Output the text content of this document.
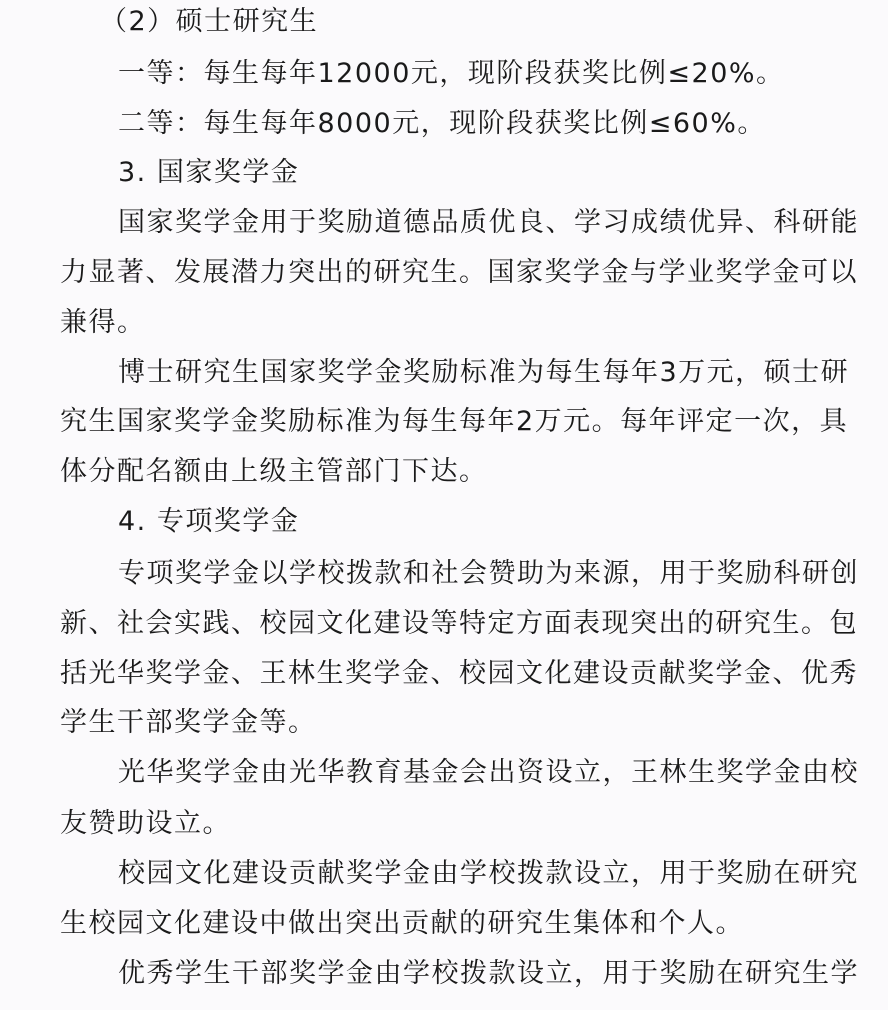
（2）硕士研究生
一等：每生每年12000元，现阶段获奖比例≤20%。
二等：每生每年8000元，现阶段获奖比例≤60%。
3. 国家奖学金
国家奖学金用于奖励道德品质优良、学习成绩优异、科研能
力显著、发展潜力突出的研究生。国家奖学金与学业奖学金可以
兼得。
博士研究生国家奖学金奖励标准为每生每年3万元，硕士研
究生国家奖学金奖励标准为每生每年2万元。每年评定一次，具
体分配名额由上级主管部门下达。
4. 专项奖学金
专项奖学金以学校拨款和社会赞助为来源，用于奖励科研创
新、社会实践、校园文化建设等特定方面表现突出的研究生。包
括光华奖学金、王林生奖学金、校园文化建设贡献奖学金、优秀
学生干部奖学金等。
光华奖学金由光华教育基金会出资设立，王林生奖学金由校
友赞助设立。
校园文化建设贡献奖学金由学校拨款设立，用于奖励在研究
生校园文化建设中做出突出贡献的研究生集体和个人。
优秀学生干部奖学金由学校拨款设立，用于奖励在研究生学
